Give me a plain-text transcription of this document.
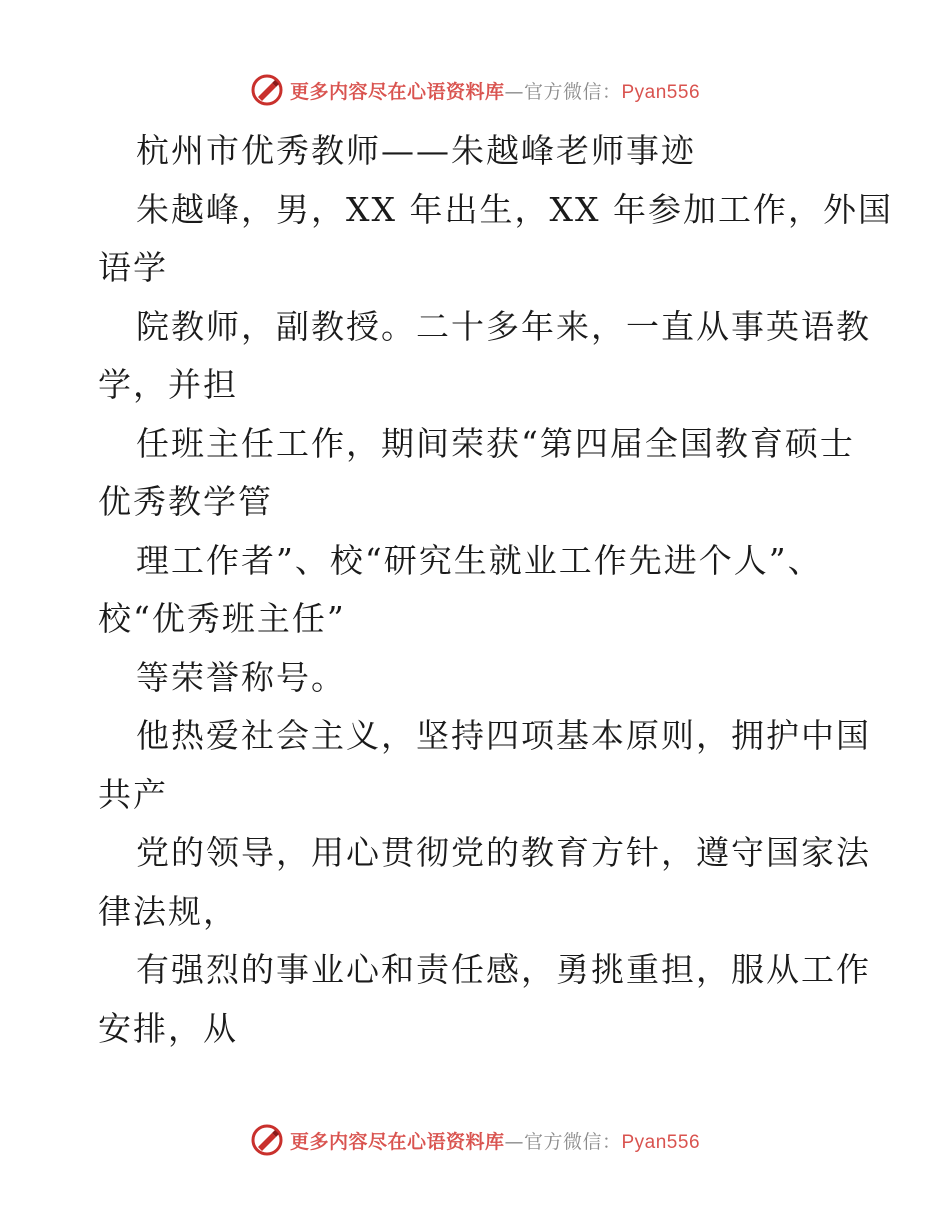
更多内容尽在心语资料库—官方微信：Pyan556
杭州市优秀教师——朱越峰老师事迹
朱越峰，男，XX 年出生，XX 年参加工作，外国
语学
院教师，副教授。二十多年来，一直从事英语教
学，并担
任班主任工作，期间荣获“第四届全国教育硕士
优秀教学管
理工作者”、校“研究生就业工作先进个人”、
校“优秀班主任”
等荣誉称号。
他热爱社会主义，坚持四项基本原则，拥护中国
共产
党的领导，用心贯彻党的教育方针，遵守国家法
律法规，
有强烈的事业心和责任感，勇挑重担，服从工作
安排，从
更多内容尽在心语资料库—官方微信：Pyan556
